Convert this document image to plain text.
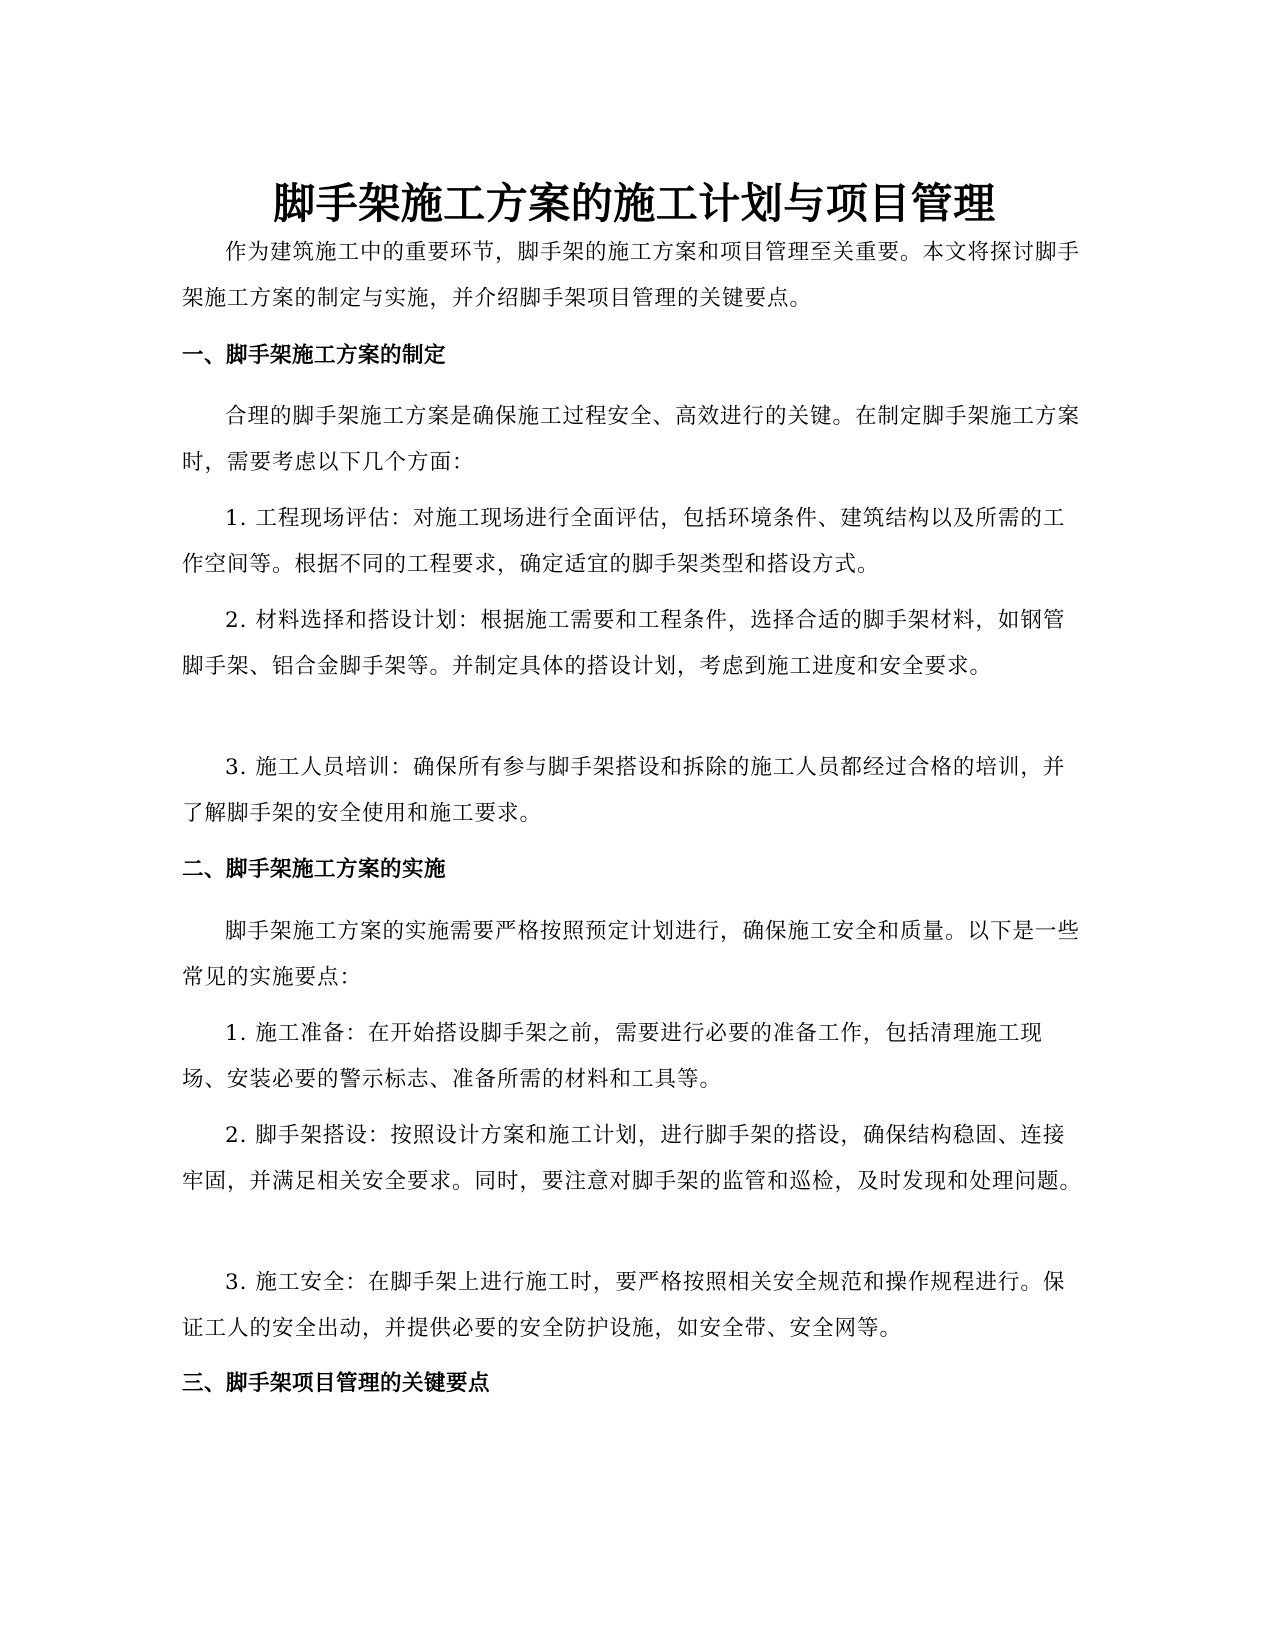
脚手架施工方案的施工计划与项目管理

作为建筑施工中的重要环节，脚手架的施工方案和项目管理至关重要。本文将探讨脚手架施工方案的制定与实施，并介绍脚手架项目管理的关键要点。

一、脚手架施工方案的制定

合理的脚手架施工方案是确保施工过程安全、高效进行的关键。在制定脚手架施工方案时，需要考虑以下几个方面：

1. 工程现场评估：对施工现场进行全面评估，包括环境条件、建筑结构以及所需的工作空间等。根据不同的工程要求，确定适宜的脚手架类型和搭设方式。

2. 材料选择和搭设计划：根据施工需要和工程条件，选择合适的脚手架材料，如钢管脚手架、铝合金脚手架等。并制定具体的搭设计划，考虑到施工进度和安全要求。

3. 施工人员培训：确保所有参与脚手架搭设和拆除的施工人员都经过合格的培训，并了解脚手架的安全使用和施工要求。

二、脚手架施工方案的实施

脚手架施工方案的实施需要严格按照预定计划进行，确保施工安全和质量。以下是一些常见的实施要点：

1. 施工准备：在开始搭设脚手架之前，需要进行必要的准备工作，包括清理施工现场、安装必要的警示标志、准备所需的材料和工具等。

2. 脚手架搭设：按照设计方案和施工计划，进行脚手架的搭设，确保结构稳固、连接牢固，并满足相关安全要求。同时，要注意对脚手架的监管和巡检，及时发现和处理问题。

3. 施工安全：在脚手架上进行施工时，要严格按照相关安全规范和操作规程进行。保证工人的安全出动，并提供必要的安全防护设施，如安全带、安全网等。

三、脚手架项目管理的关键要点
